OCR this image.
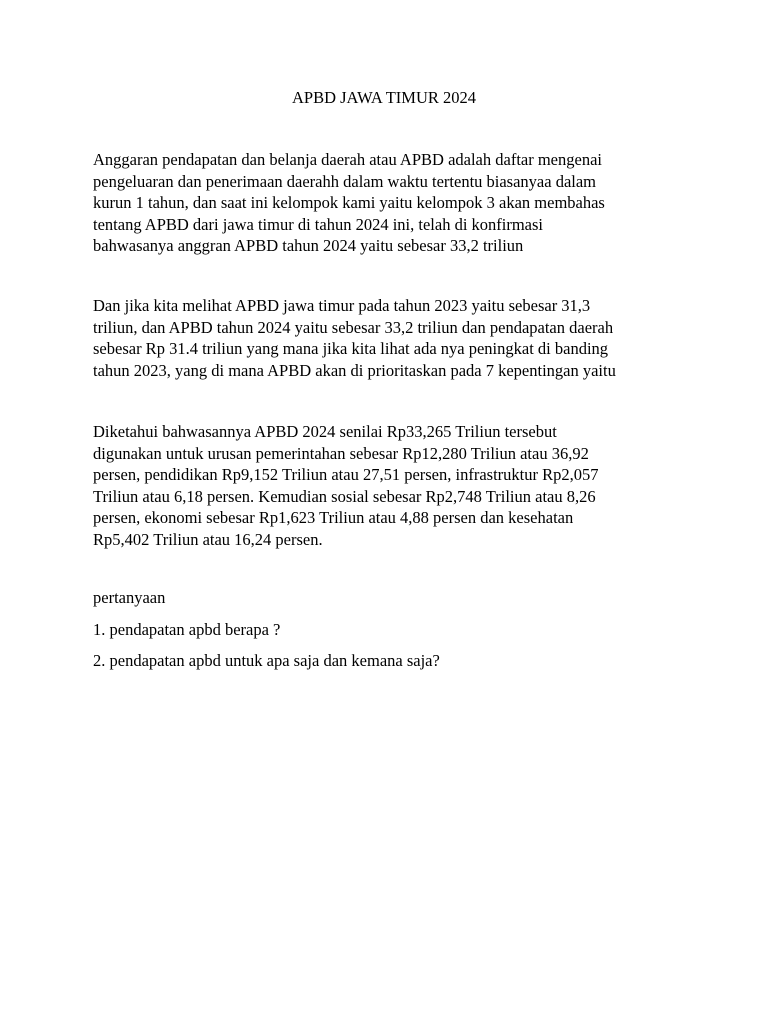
APBD JAWA TIMUR 2024

Anggaran pendapatan dan belanja daerah atau APBD adalah daftar mengenai
pengeluaran dan penerimaan daerahh dalam waktu tertentu biasanyaa dalam
kurun 1 tahun, dan saat ini kelompok kami yaitu kelompok 3 akan membahas
tentang APBD dari jawa timur di tahun 2024 ini, telah di konfirmasi
bahwasanya anggran APBD tahun 2024 yaitu sebesar 33,2 triliun

Dan jika kita melihat APBD jawa timur pada tahun 2023 yaitu sebesar 31,3
triliun, dan APBD tahun 2024 yaitu sebesar 33,2 triliun dan pendapatan daerah
sebesar Rp 31.4 triliun yang mana jika kita lihat ada nya peningkat di banding
tahun 2023, yang di mana APBD akan di prioritaskan pada 7 kepentingan yaitu

Diketahui bahwasannya APBD 2024 senilai Rp33,265 Triliun tersebut
digunakan untuk urusan pemerintahan sebesar Rp12,280 Triliun atau 36,92
persen, pendidikan Rp9,152 Triliun atau 27,51 persen, infrastruktur Rp2,057
Triliun atau 6,18 persen. Kemudian sosial sebesar Rp2,748 Triliun atau 8,26
persen, ekonomi sebesar Rp1,623 Triliun atau 4,88 persen dan kesehatan
Rp5,402 Triliun atau 16,24 persen.

pertanyaan

1. pendapatan apbd berapa ?

2. pendapatan apbd untuk apa saja dan kemana saja?
